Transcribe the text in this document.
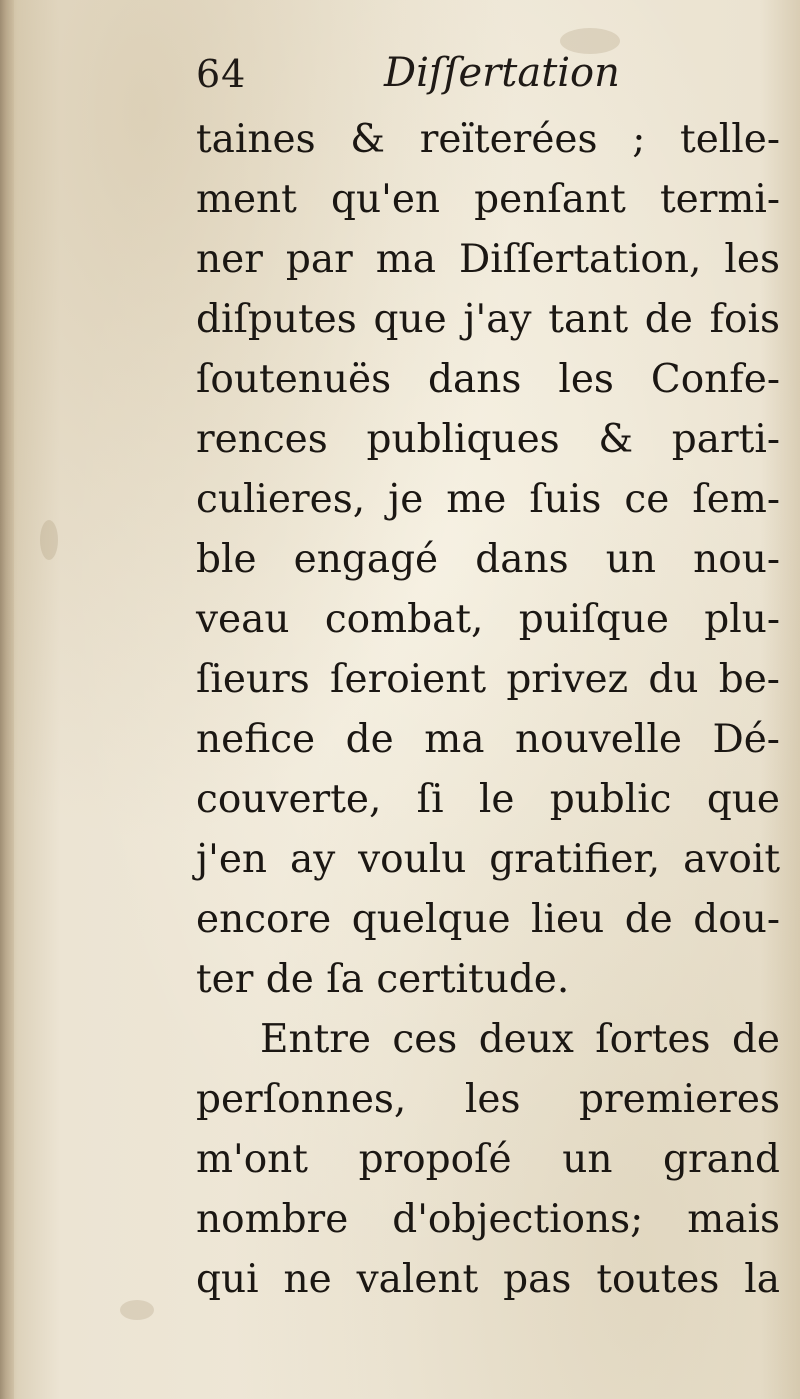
64	Diſſertation
taines & reïterées ; telle-
ment qu'en penſant termi-
ner par ma Diſſertation, les
diſputes que j'ay tant de fois
ſoutenuës dans les Confe-
rences publiques & parti-
culieres, je me ſuis ce ſem-
ble engagé dans un nou-
veau combat, puiſque plu-
ſieurs ſeroient privez du be-
nefice de ma nouvelle Dé-
couverte, ſi le public que
j'en ay voulu gratifier, avoit
encore quelque lieu de dou-
ter de ſa certitude.
Entre ces deux ſortes de
perſonnes, les premieres
m'ont propoſé un grand
nombre d'objections; mais
qui ne valent pas toutes la
